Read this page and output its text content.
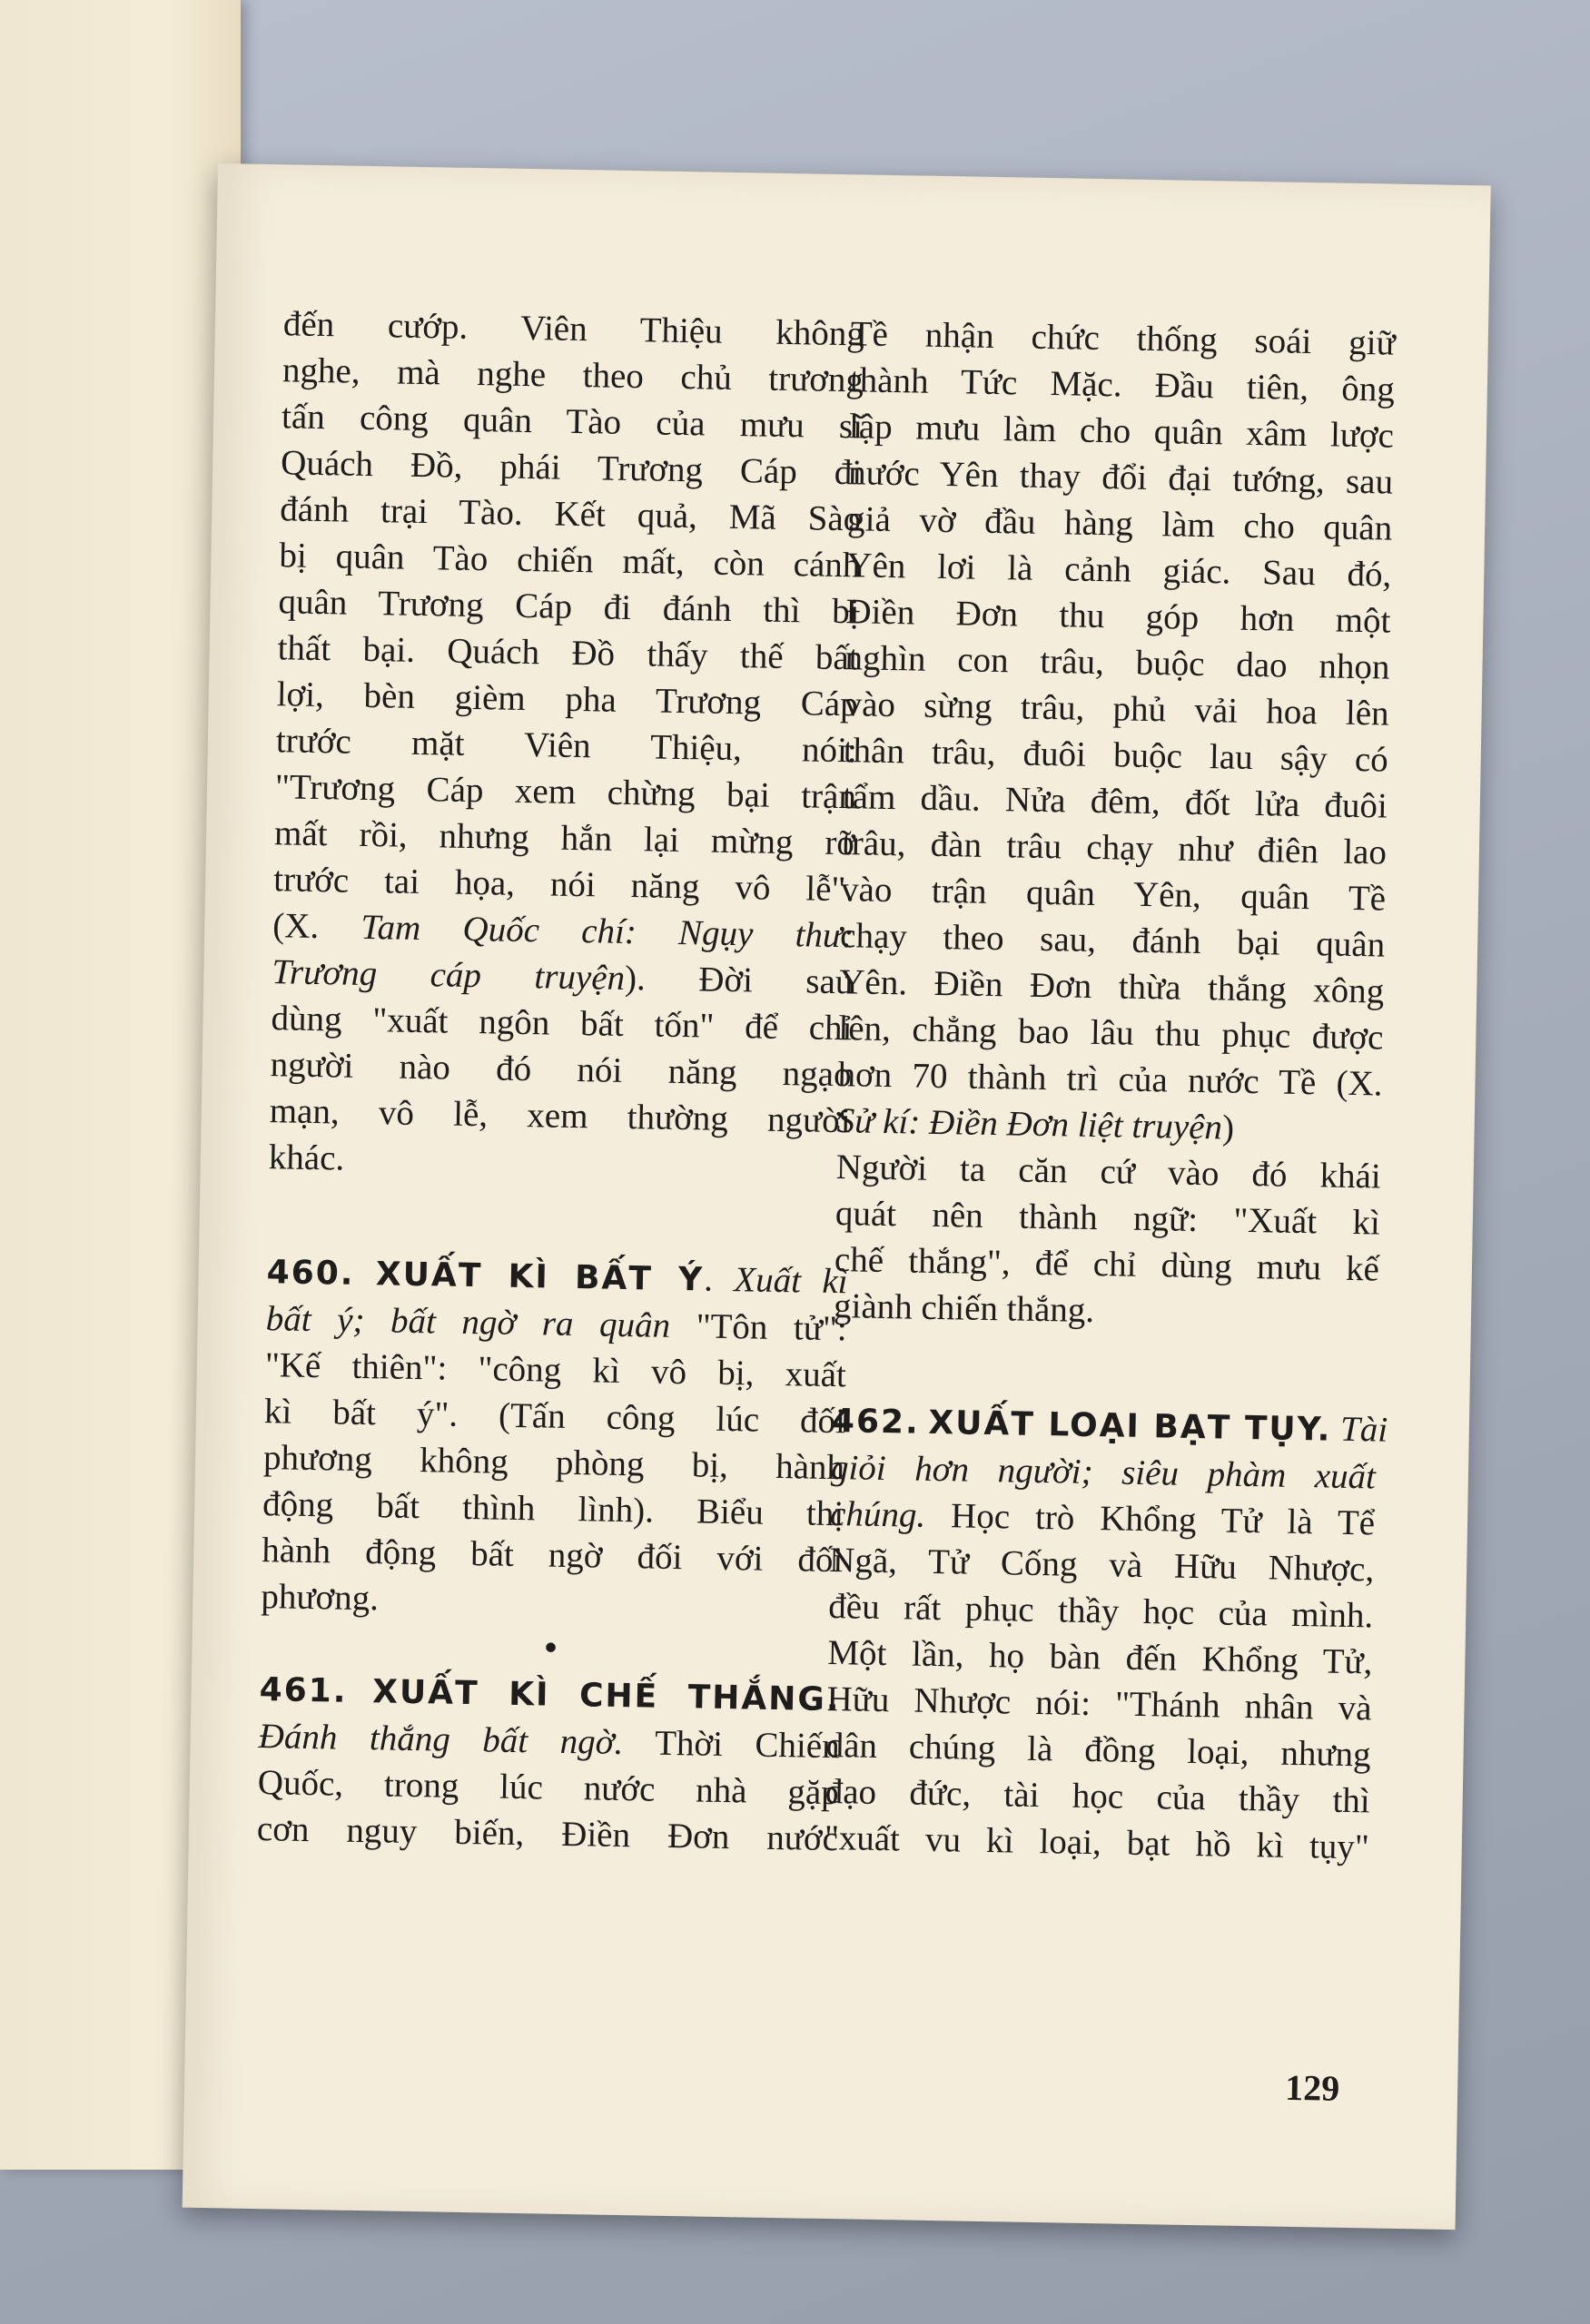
đến cướp. Viên Thiệu không
nghe, mà nghe theo chủ trương
tấn công quân Tào của mưu sĩ
Quách Đồ, phái Trương Cáp đi
đánh trại Tào. Kết quả, Mã Sào
bị quân Tào chiến mất, còn cánh
quân Trương Cáp đi đánh thì bị
thất bại. Quách Đồ thấy thế bất
lợi, bèn gièm pha Trương Cáp
trước mặt Viên Thiệu, nói:
"Trương Cáp xem chừng bại trận
mất rồi, nhưng hắn lại mừng rỡ
trước tai họa, nói năng vô lễ".
(X. Tam Quốc chí: Ngụy thư:
Trương cáp truyện). Đời sau
dùng "xuất ngôn bất tốn" để chỉ
người nào đó nói năng ngạo
mạn, vô lễ, xem thường người
khác.
460. XUẤT KÌ BẤT Ý. Xuất kì
bất ý; bất ngờ ra quân "Tôn tử":
"Kế thiên": "công kì vô bị, xuất
kì bất ý". (Tấn công lúc đối
phương không phòng bị, hành
động bất thình lình). Biểu thị
hành động bất ngờ đối với đối
phương.
•
461. XUẤT KÌ CHẾ THẮNG.
Đánh thắng bất ngờ. Thời Chiến
Quốc, trong lúc nước nhà gặp
cơn nguy biến, Điền Đơn nước
Tề nhận chức thống soái giữ
thành Tức Mặc. Đầu tiên, ông
lập mưu làm cho quân xâm lược
nước Yên thay đổi đại tướng, sau
giả vờ đầu hàng làm cho quân
Yên lơi là cảnh giác. Sau đó,
Điền Đơn thu góp hơn một
nghìn con trâu, buộc dao nhọn
vào sừng trâu, phủ vải hoa lên
thân trâu, đuôi buộc lau sậy có
tẩm dầu. Nửa đêm, đốt lửa đuôi
trâu, đàn trâu chạy như điên lao
vào trận quân Yên, quân Tề
chạy theo sau, đánh bại quân
Yên. Điền Đơn thừa thắng xông
lên, chẳng bao lâu thu phục được
hơn 70 thành trì của nước Tề (X.
Sử kí: Điền Đơn liệt truyện)
Người ta căn cứ vào đó khái
quát nên thành ngữ: "Xuất kì
chế thắng", để chỉ dùng mưu kế
giành chiến thắng.
462. XUẤT LOẠI BẠT TỤY. Tài
giỏi hơn người; siêu phàm xuất
chúng. Học trò Khổng Tử là Tể
Ngã, Tử Cống và Hữu Nhược,
đều rất phục thầy học của mình.
Một lần, họ bàn đến Khổng Tử,
Hữu Nhược nói: "Thánh nhân và
dân chúng là đồng loại, nhưng
đạo đức, tài học của thầy thì
"xuất vu kì loại, bạt hồ kì tụy"
129
